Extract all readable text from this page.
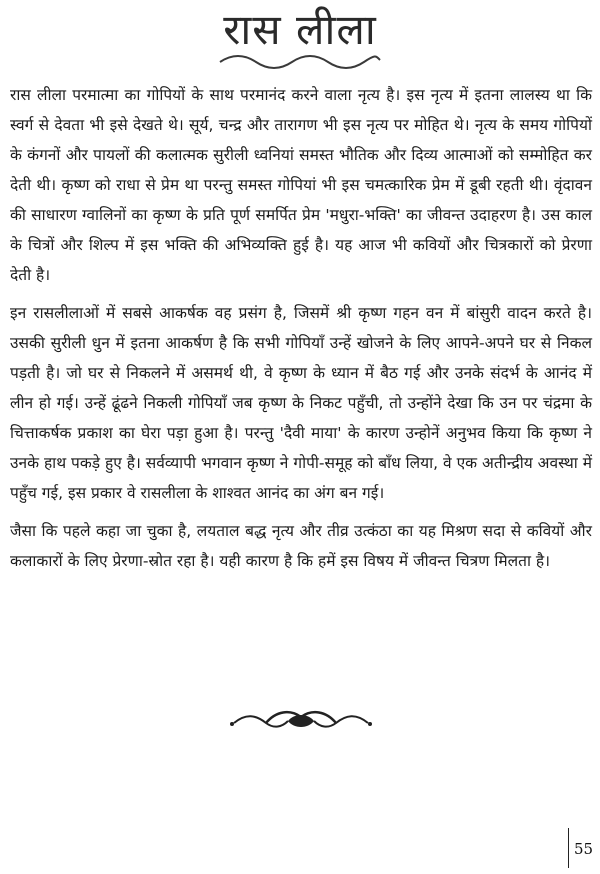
रास लीला

रास लीला परमात्मा का गोपियों के साथ परमानंद करने वाला नृत्य है। इस नृत्य में इतना लालस्य था कि स्वर्ग से देवता भी इसे देखते थे। सूर्य, चन्द्र और तारागण भी इस नृत्य पर मोहित थे। नृत्य के समय गोपियों के कंगनों और पायलों की कलात्मक सुरीली ध्वनियां समस्त भौतिक और दिव्य आत्माओं को सम्मोहित कर देती थी। कृष्ण को राधा से प्रेम था परन्तु समस्त गोपियां भी इस चमत्कारिक प्रेम में डूबी रहती थी। वृंदावन की साधारण ग्वालिनों का कृष्ण के प्रति पूर्ण समर्पित प्रेम 'मधुरा-भक्ति' का जीवन्त उदाहरण है। उस काल के चित्रों और शिल्प में इस भक्ति की अभिव्यक्ति हुई है। यह आज भी कवियों और चित्रकारों को प्रेरणा देती है।

इन रासलीलाओं में सबसे आकर्षक वह प्रसंग है, जिसमें श्री कृष्ण गहन वन में बांसुरी वादन करते है। उसकी सुरीली धुन में इतना आकर्षण है कि सभी गोपियाँ उन्हें खोजने के लिए आपने-अपने घर से निकल पड़ती है। जो घर से निकलने में असमर्थ थी, वे कृष्ण के ध्यान में बैठ गई और उनके संदर्भ के आनंद में लीन हो गई। उन्हें ढूंढने निकली गोपियाँ जब कृष्ण के निकट पहुँची, तो उन्होंने देखा कि उन पर चंद्रमा के चित्ताकर्षक प्रकाश का घेरा पड़ा हुआ है। परन्तु 'दैवी माया' के कारण उन्होनें अनुभव किया कि कृष्ण ने उनके हाथ पकड़े हुए है। सर्वव्यापी भगवान कृष्ण ने गोपी-समूह को बाँध लिया, वे एक अतीन्द्रीय अवस्था में पहुँच गई, इस प्रकार वे रासलीला के शाश्वत आनंद का अंग बन गई।

जैसा कि पहले कहा जा चुका है, लयताल बद्ध नृत्य और तीव्र उत्कंठा का यह मिश्रण सदा से कवियों और कलाकारों के लिए प्रेरणा-स्रोत रहा है। यही कारण है कि हमें इस विषय में जीवन्त चित्रण मिलता है।

55
